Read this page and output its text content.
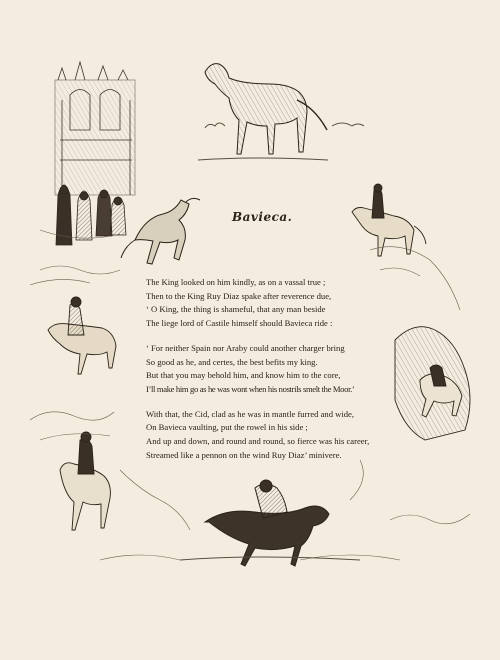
Bavieca.
The King looked on him kindly, as on a vassal true ;
Then to the King Ruy Diaz spake after reverence due,
‘ O King, the thing is shameful, that any man beside
The liege lord of Castile himself should Bavieca ride :
‘ For neither Spain nor Araby could another charger bring
So good as he, and certes, the best befits my king.
But that you may behold him, and know him to the core,
I’ll make him go as he was wont when his nostrils smelt the Moor.’
With that, the Cid, clad as he was in mantle furred and wide,
On Bavieca vaulting, put the rowel in his side ;
And up and down, and round and round, so fierce was his career,
Streamed like a pennon on the wind Ruy Diaz’ minivere.
